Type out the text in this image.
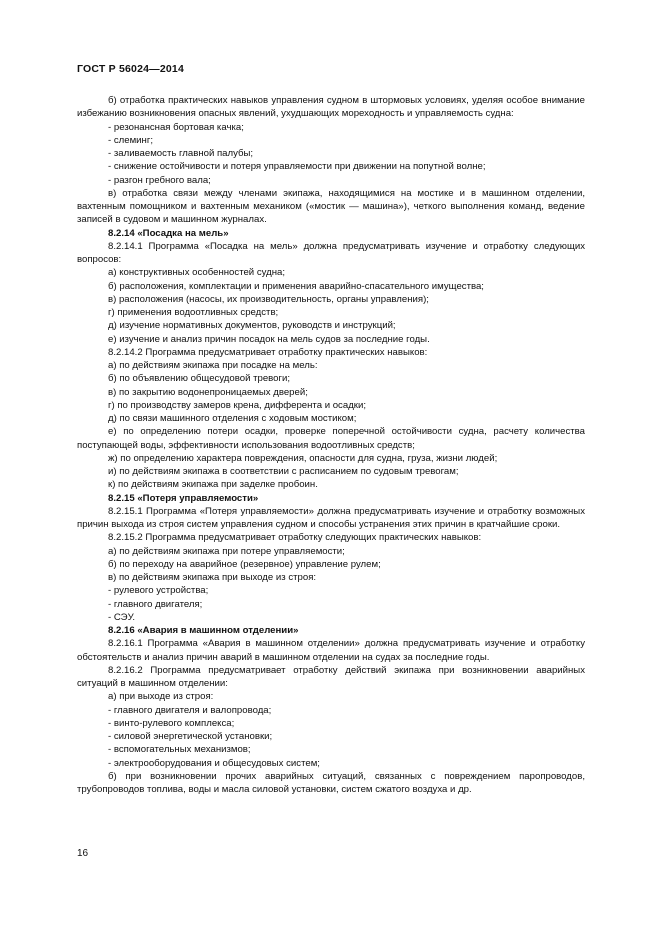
ГОСТ Р 56024—2014

б) отработка практических навыков управления судном в штормовых условиях, уделяя особое внимание избежанию возникновения опасных явлений, ухудшающих мореходность и управляемость судна:

- резонансная бортовая качка;

- слеминг;

- заливаемость главной палубы;

- снижение остойчивости и потеря управляемости при движении на попутной волне;

- разгон гребного вала;

в) отработка связи между членами экипажа, находящимися на мостике и в машинном отделении, вахтенным помощником и вахтенным механиком («мостик — машина»), четкого выполнения команд, ведение записей в судовом и машинном журналах.

8.2.14 «Посадка на мель»

8.2.14.1 Программа «Посадка на мель» должна предусматривать изучение и отработку следующих вопросов:

а) конструктивных особенностей судна;

б) расположения, комплектации и применения аварийно-спасательного имущества;

в) расположения (насосы, их производительность, органы управления);

г) применения водоотливных средств;

д) изучение нормативных документов, руководств и инструкций;

е) изучение и анализ причин посадок на мель судов за последние годы.

8.2.14.2 Программа предусматривает отработку практических навыков:

а) по действиям экипажа при посадке на мель:

б) по объявлению общесудовой тревоги;

в) по закрытию водонепроницаемых дверей;

г) по производству замеров крена, дифферента и осадки;

д) по связи машинного отделения с ходовым мостиком;

е) по определению потери осадки, проверке поперечной остойчивости судна, расчету количества поступающей воды, эффективности использования водоотливных средств;

ж) по определению характера повреждения, опасности для судна, груза, жизни людей;

и) по действиям экипажа в соответствии с расписанием по судовым тревогам;

к) по действиям экипажа при заделке пробоин.

8.2.15 «Потеря управляемости»

8.2.15.1 Программа «Потеря управляемости» должна предусматривать изучение и отработку возможных причин выхода из строя систем управления судном и способы устранения этих причин в кратчайшие сроки.

8.2.15.2 Программа предусматривает отработку следующих практических навыков:

а) по действиям экипажа при потере управляемости;

б) по переходу на аварийное (резервное) управление рулем;

в) по действиям экипажа при выходе из строя:

- рулевого устройства;

- главного двигателя;

- СЭУ.

8.2.16 «Авария в машинном отделении»

8.2.16.1 Программа «Авария в машинном отделении» должна предусматривать изучение и отработку обстоятельств и анализ причин аварий в машинном отделении на судах за последние годы.

8.2.16.2 Программа предусматривает отработку действий экипажа при возникновении аварийных ситуаций в машинном отделении:

а) при выходе из строя:

- главного двигателя и валопровода;

- винто-рулевого комплекса;

- силовой энергетической установки;

- вспомогательных механизмов;

- электрооборудования и общесудовых систем;

б) при возникновении прочих аварийных ситуаций, связанных с повреждением паропроводов, трубопроводов топлива, воды и масла силовой установки, систем сжатого воздуха и др.

16
